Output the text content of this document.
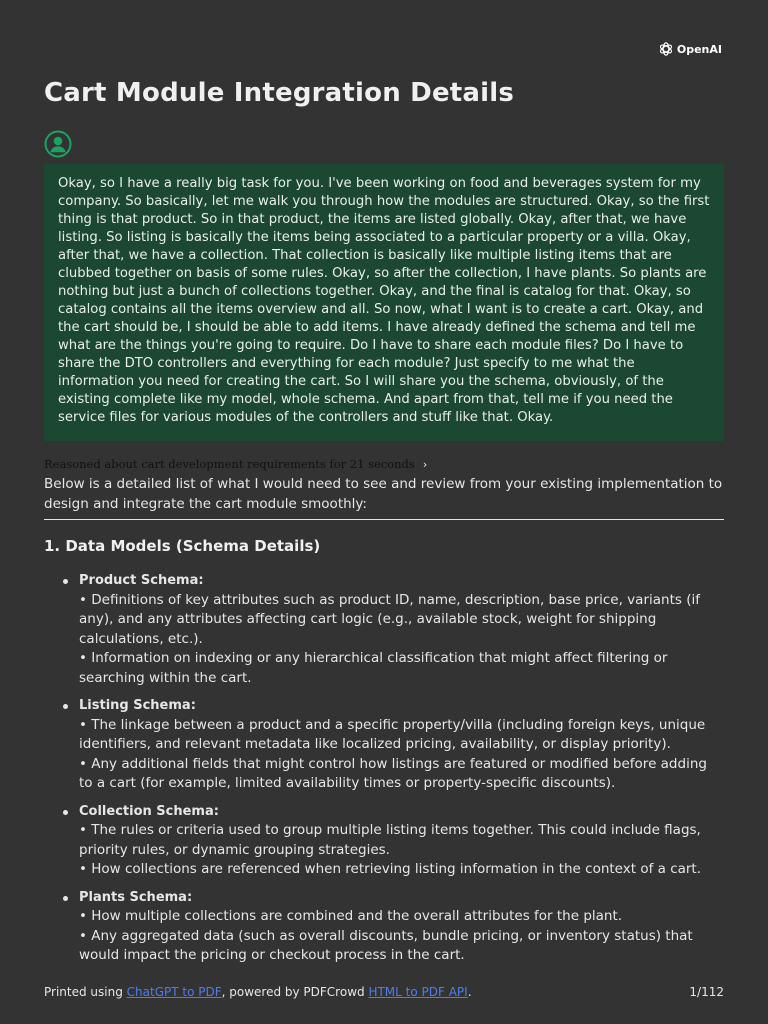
OpenAI
Cart Module Integration Details
Okay, so I have a really big task for you. I've been working on food and beverages system for my company. So basically, let me walk you through how the modules are structured. Okay, so the first thing is that product. So in that product, the items are listed globally. Okay, after that, we have listing. So listing is basically the items being associated to a particular property or a villa. Okay, after that, we have a collection. That collection is basically like multiple listing items that are clubbed together on basis of some rules. Okay, so after the collection, I have plants. So plants are nothing but just a bunch of collections together. Okay, and the final is catalog for that. Okay, so catalog contains all the items overview and all. So now, what I want is to create a cart. Okay, and the cart should be, I should be able to add items. I have already defined the schema and tell me what are the things you're going to require. Do I have to share each module files? Do I have to share the DTO controllers and everything for each module? Just specify to me what the information you need for creating the cart. So I will share you the schema, obviously, of the existing complete like my model, whole schema. And apart from that, tell me if you need the service files for various modules of the controllers and stuff like that. Okay.
Reasoned about cart development requirements for 21 seconds ›

Below is a detailed list of what I would need to see and review from your existing implementation to design and integrate the cart module smoothly:

1. Data Models (Schema Details)
Product Schema:
• Definitions of key attributes such as product ID, name, description, base price, variants (if any), and any attributes affecting cart logic (e.g., available stock, weight for shipping calculations, etc.).
• Information on indexing or any hierarchical classification that might affect filtering or searching within the cart.
Listing Schema:
• The linkage between a product and a specific property/villa (including foreign keys, unique identifiers, and relevant metadata like localized pricing, availability, or display priority).
• Any additional fields that might control how listings are featured or modified before adding to a cart (for example, limited availability times or property-specific discounts).
Collection Schema:
• The rules or criteria used to group multiple listing items together. This could include flags, priority rules, or dynamic grouping strategies.
• How collections are referenced when retrieving listing information in the context of a cart.
Plants Schema:
• How multiple collections are combined and the overall attributes for the plant.
• Any aggregated data (such as overall discounts, bundle pricing, or inventory status) that would impact the pricing or checkout process in the cart.
Printed using ChatGPT to PDF, powered by PDFCrowd HTML to PDF API.	1/112
